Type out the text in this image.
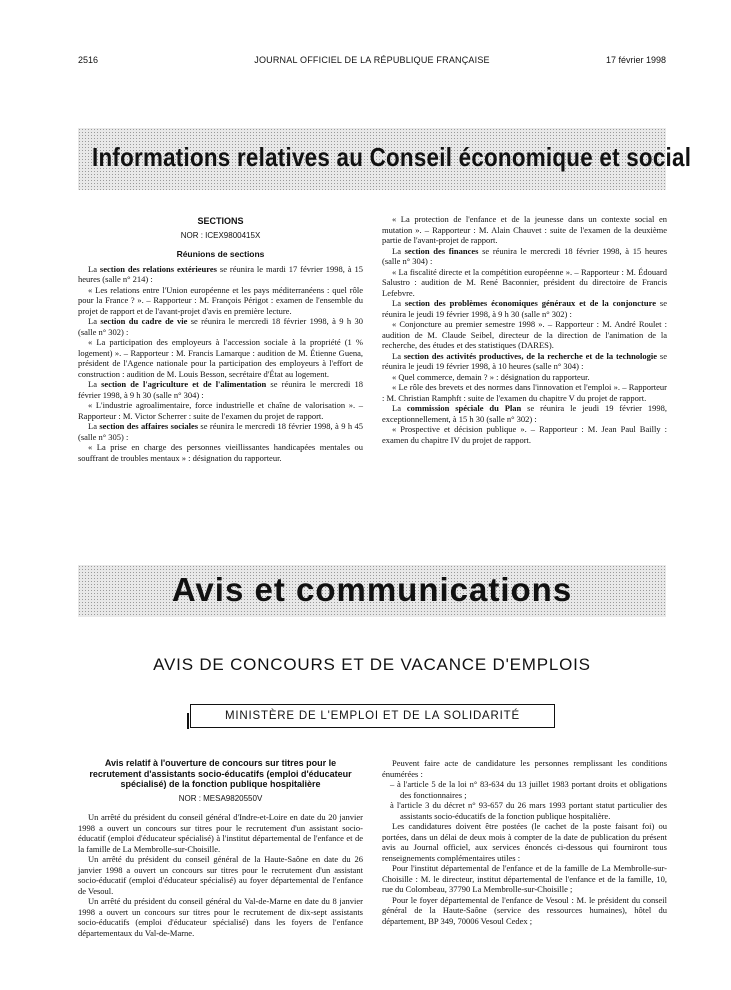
2516	JOURNAL OFFICIEL DE LA RÉPUBLIQUE FRANÇAISE	17 février 1998
Informations relatives au Conseil économique et social
SECTIONS
NOR : ICEX9800415X
Réunions de sections

La section des relations extérieures se réunira le mardi 17 février 1998, à 15 heures (salle n° 214) :

« Les relations entre l'Union européenne et les pays méditerranéens : quel rôle pour la France ? ». – Rapporteur : M. François Périgot : examen de l'ensemble du projet de rapport et de l'avant-projet d'avis en première lecture.

La section du cadre de vie se réunira le mercredi 18 février 1998, à 9 h 30 (salle n° 302) :

« La participation des employeurs à l'accession sociale à la propriété (1 % logement) ». – Rapporteur : M. Francis Lamarque : audition de M. Étienne Guena, président de l'Agence nationale pour la participation des employeurs à l'effort de construction : audition de M. Louis Besson, secrétaire d'État au logement.

La section de l'agriculture et de l'alimentation se réunira le mercredi 18 février 1998, à 9 h 30 (salle n° 304) :

« L'industrie agroalimentaire, force industrielle et chaîne de valorisation ». – Rapporteur : M. Victor Scherrer : suite de l'examen du projet de rapport.

La section des affaires sociales se réunira le mercredi 18 février 1998, à 9 h 45 (salle n° 305) :

« La prise en charge des personnes vieillissantes handicapées mentales ou souffrant de troubles mentaux » : désignation du rapporteur.

« La protection de l'enfance et de la jeunesse dans un contexte social en mutation ». – Rapporteur : M. Alain Chauvet : suite de l'examen de la deuxième partie de l'avant-projet de rapport.

La section des finances se réunira le mercredi 18 février 1998, à 15 heures (salle n° 304) :

« La fiscalité directe et la compétition européenne ». – Rapporteur : M. Édouard Salustro : audition de M. René Baconnier, président du directoire de Francis Lefebvre.

La section des problèmes économiques généraux et de la conjoncture se réunira le jeudi 19 février 1998, à 9 h 30 (salle n° 302) :

« Conjoncture au premier semestre 1998 ». – Rapporteur : M. André Roulet : audition de M. Claude Seibel, directeur de la direction de l'animation de la recherche, des études et des statistiques (DARES).

La section des activités productives, de la recherche et de la technologie se réunira le jeudi 19 février 1998, à 10 heures (salle n° 304) :

« Quel commerce, demain ? » : désignation du rapporteur.

« Le rôle des brevets et des normes dans l'innovation et l'emploi ». – Rapporteur : M. Christian Ramphft : suite de l'examen du chapitre V du projet de rapport.

La commission spéciale du Plan se réunira le jeudi 19 février 1998, exceptionnellement, à 15 h 30 (salle n° 302) :

« Prospective et décision publique ». – Rapporteur : M. Jean Paul Bailly : examen du chapitre IV du projet de rapport.

Avis et communications
AVIS DE CONCOURS ET DE VACANCE D'EMPLOIS
MINISTÈRE DE L'EMPLOI ET DE LA SOLIDARITÉ
Avis relatif à l'ouverture de concours sur titres pour le recrutement d'assistants socio-éducatifs (emploi d'éducateur spécialisé) de la fonction publique hospitalière
NOR : MESA9820550V

Un arrêté du président du conseil général d'Indre-et-Loire en date du 20 janvier 1998 a ouvert un concours sur titres pour le recrutement d'un assistant socio-éducatif (emploi d'éducateur spécialisé) à l'institut départemental de l'enfance et de la famille de La Membrolle-sur-Choisille.

Un arrêté du président du conseil général de la Haute-Saône en date du 26 janvier 1998 a ouvert un concours sur titres pour le recrutement d'un assistant socio-éducatif (emploi d'éducateur spécialisé) au foyer départemental de l'enfance de Vesoul.

Un arrêté du président du conseil général du Val-de-Marne en date du 8 janvier 1998 a ouvert un concours sur titres pour le recrutement de dix-sept assistants socio-éducatifs (emploi d'éducateur spécialisé) dans les foyers de l'enfance départementaux du Val-de-Marne.

Peuvent faire acte de candidature les personnes remplissant les conditions énumérées :

– à l'article 5 de la loi n° 83-634 du 13 juillet 1983 portant droits et obligations des fonctionnaires ;

à l'article 3 du décret n° 93-657 du 26 mars 1993 portant statut particulier des assistants socio-éducatifs de la fonction publique hospitalière.

Les candidatures doivent être postées (le cachet de la poste faisant foi) ou portées, dans un délai de deux mois à compter de la date de publication du présent avis au Journal officiel, aux services énoncés ci-dessous qui fourniront tous renseignements complémentaires utiles :

Pour l'institut départemental de l'enfance et de la famille de La Membrolle-sur-Choisille : M. le directeur, institut départemental de l'enfance et de la famille, 10, rue du Colombeau, 37790 La Membrolle-sur-Choisille ;

Pour le foyer départemental de l'enfance de Vesoul : M. le président du conseil général de la Haute-Saône (service des ressources humaines), hôtel du département, BP 349, 70006 Vesoul Cedex ;
